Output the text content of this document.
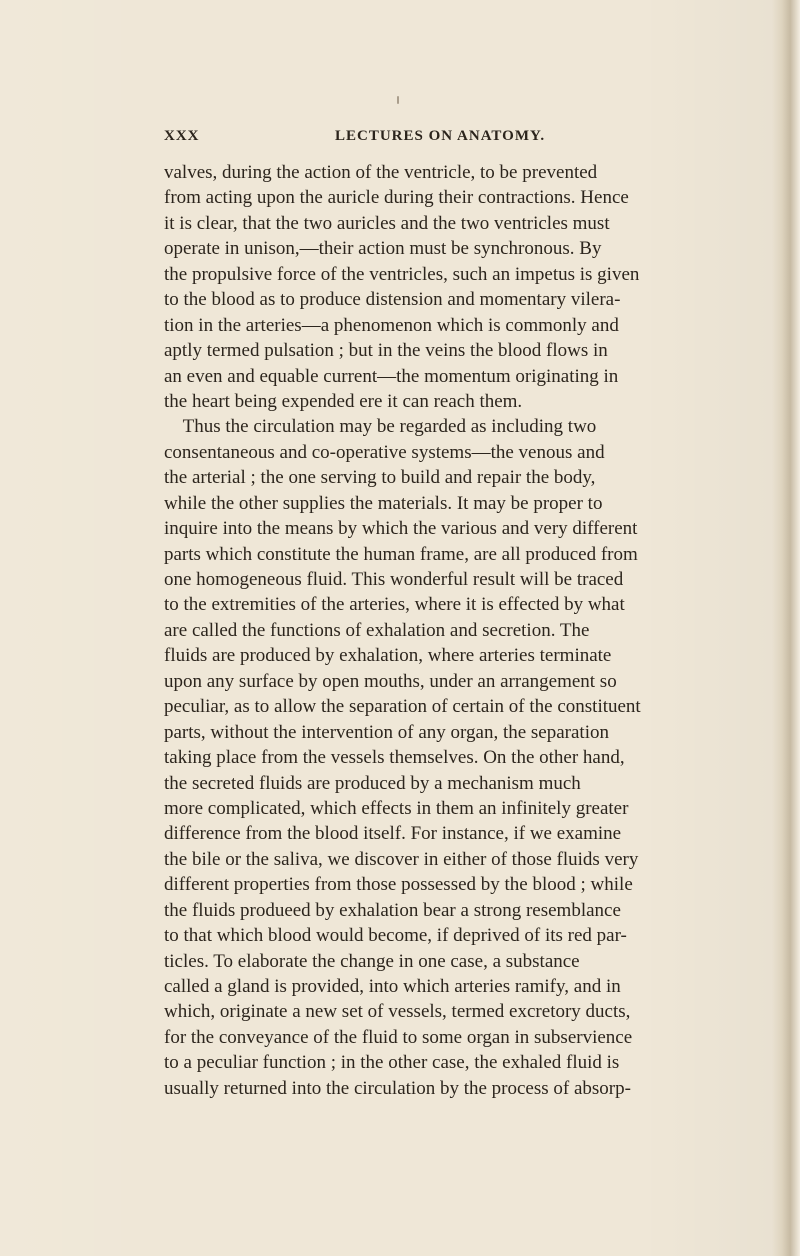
XXX	LECTURES ON ANATOMY.
valves, during the action of the ventricle, to be prevented
from acting upon the auricle during their contractions. Hence
it is clear, that the two auricles and the two ventricles must
operate in unison,—their action must be synchronous. By
the propulsive force of the ventricles, such an impetus is given
to the blood as to produce distension and momentary vilera-
tion in the arteries—a phenomenon which is commonly and
aptly termed pulsation ; but in the veins the blood flows in
an even and equable current—the momentum originating in
the heart being expended ere it can reach them.
Thus the circulation may be regarded as including two
consentaneous and co-operative systems—the venous and
the arterial ; the one serving to build and repair the body,
while the other supplies the materials. It may be proper to
inquire into the means by which the various and very different
parts which constitute the human frame, are all produced from
one homogeneous fluid. This wonderful result will be traced
to the extremities of the arteries, where it is effected by what
are called the functions of exhalation and secretion. The
fluids are produced by exhalation, where arteries terminate
upon any surface by open mouths, under an arrangement so
peculiar, as to allow the separation of certain of the constituent
parts, without the intervention of any organ, the separation
taking place from the vessels themselves. On the other hand,
the secreted fluids are produced by a mechanism much
more complicated, which effects in them an infinitely greater
difference from the blood itself. For instance, if we examine
the bile or the saliva, we discover in either of those fluids very
different properties from those possessed by the blood ; while
the fluids produeed by exhalation bear a strong resemblance
to that which blood would become, if deprived of its red par-
ticles. To elaborate the change in one case, a substance
called a gland is provided, into which arteries ramify, and in
which, originate a new set of vessels, termed excretory ducts,
for the conveyance of the fluid to some organ in subservience
to a peculiar function ; in the other case, the exhaled fluid is
usually returned into the circulation by the process of absorp-
